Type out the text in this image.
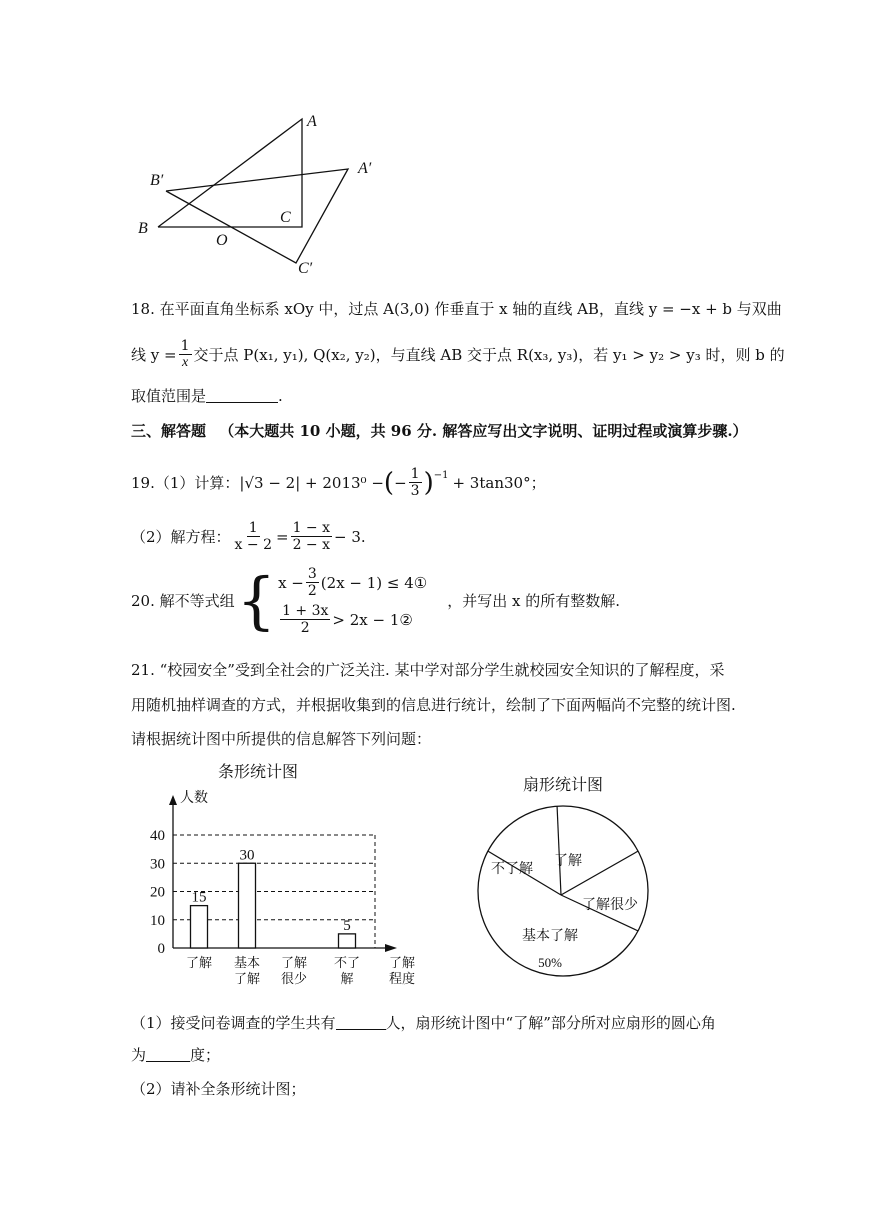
A
A′
B′
B
C
O
C′
18. 在平面直角坐标系 xOy 中，过点 A(3,0) 作垂直于 x 轴的直线 AB，直线 y = −x + b 与双曲
线 $y = \frac{1}{x}$ 交于点 P(x₁, y₁), Q(x₂, y₂)，与直线 AB 交于点 R(x₃, y₃)，若 y₁ > y₂ > y₃ 时，则 b 的
取值范围是	.
三、解答题 （本大题共 10 小题，共 96 分. 解答应写出文字说明、证明过程或演算步骤.）
19.（1）计算： |√3 − 2| + 2013⁰ − ( − $\frac{1}{3} )^{-1} + 3\tan 30^\circ$；
（2）解方程： $\frac{1}{x - 2} = \frac{1 - x}{2 - x} - 3$.
20. 解不等式组 { $x - \frac{3}{2} (2x - 1)$ ≤ 4①
$\frac{1 + 3x}{2} > 2x$ − 1②
，并写出 x 的所有整数解.
21. “校园安全”受到全社会的广泛关注. 某中学对部分学生就校园安全知识的了解程度，采
用随机抽样调查的方式，并根据收集到的信息进行统计，绘制了下面两幅尚不完整的统计图.
请根据统计图中所提供的信息解答下列问题：
0
10
20
30
40
15
了解
30
基本
了解
了解
很少
5
不了
解
了解
程度
条形统计图
人数
不了解
了解
了解很少
基本了解
50%
扇形统计图
（1）接受问卷调查的学生共有	人，扇形统计图中“了解”部分所对应扇形的圆心角
为	度；
（2）请补全条形统计图；
